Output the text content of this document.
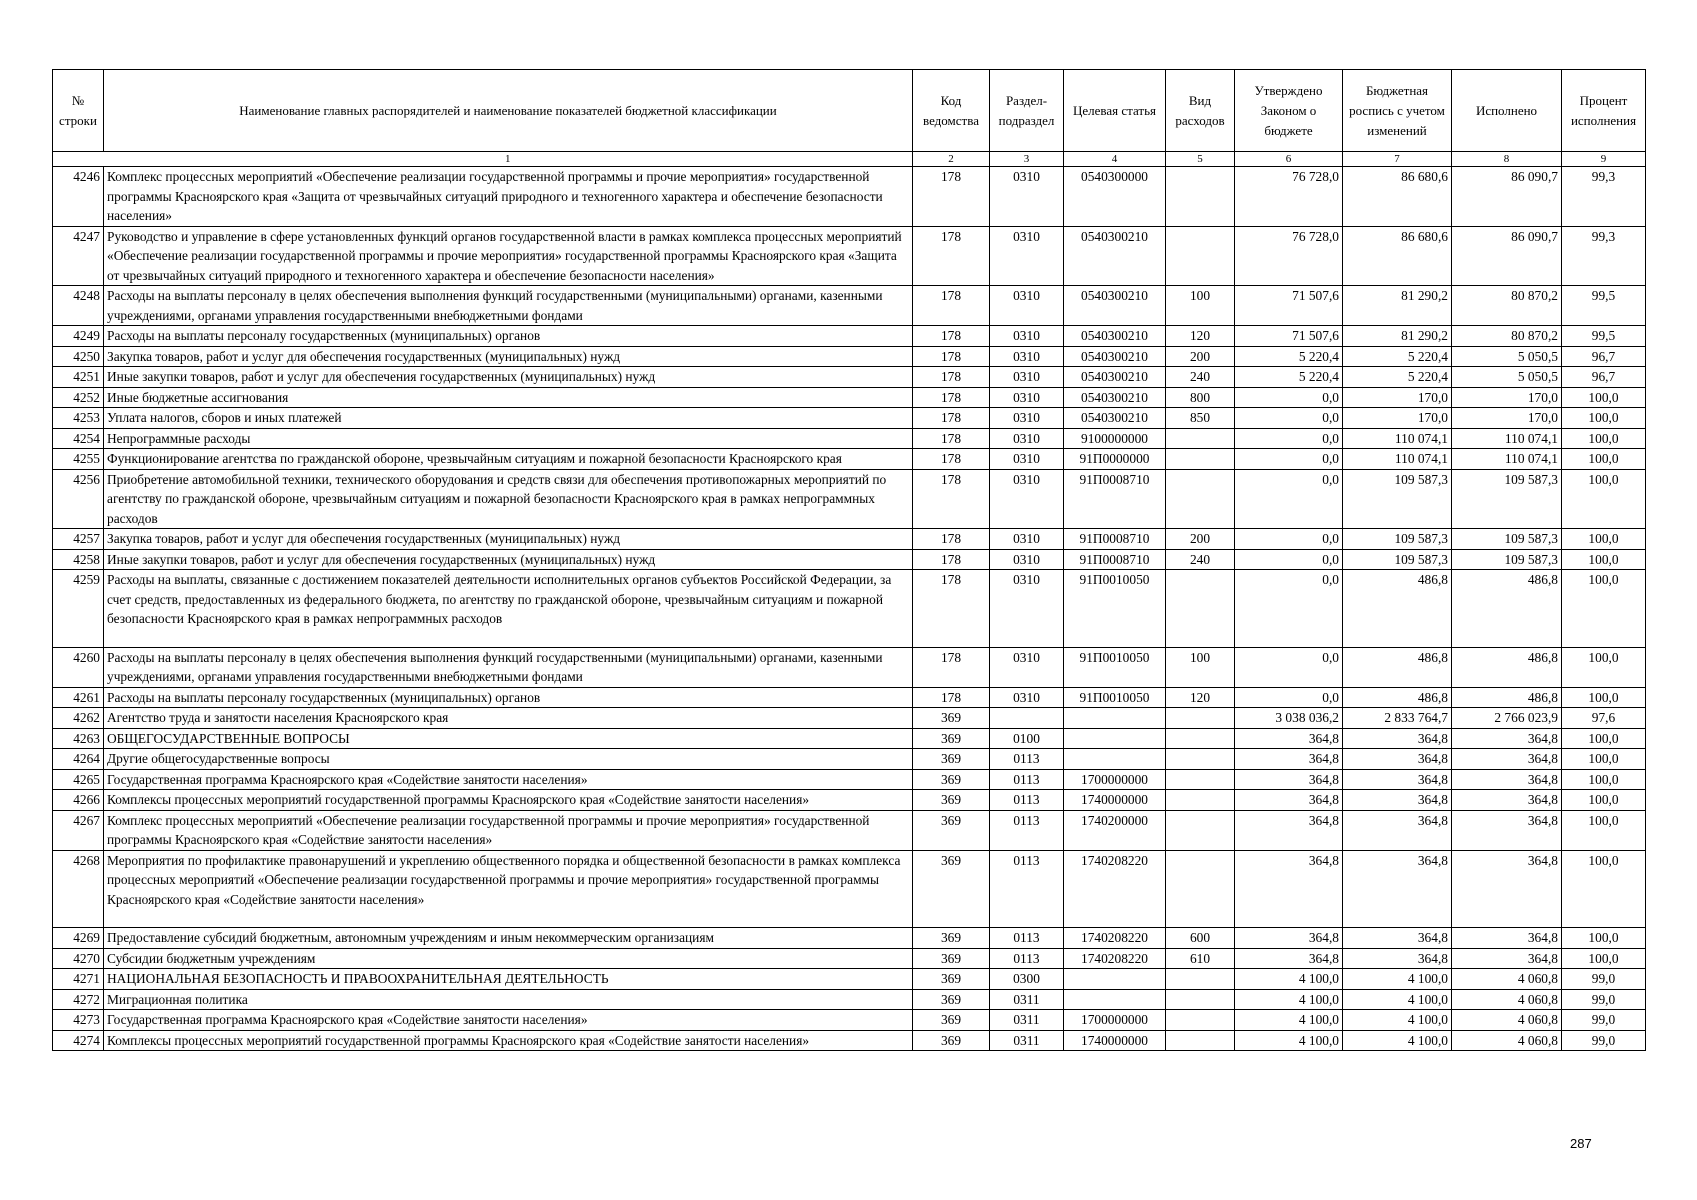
№ строки	Наименование главных распорядителей и наименование показателей бюджетной классификации	Код ведомства	Раздел-подраздел	Целевая статья	Вид расходов	Утверждено Законом о бюджете	Бюджетная роспись с учетом изменений	Исполнено	Процент исполнения
	1	2	3	4	5	6	7	8	9
4246	Комплекс процессных мероприятий «Обеспечение реализации государственной программы и прочие мероприятия» государственной программы Красноярского края «Защита от чрезвычайных ситуаций природного и техногенного характера и обеспечение безопасности населения»	178	0310	0540300000		76 728,0	86 680,6	86 090,7	99,3
4247	Руководство и управление в сфере установленных функций органов государственной власти в рамках комплекса процессных мероприятий «Обеспечение реализации государственной программы и прочие мероприятия» государственной программы Красноярского края «Защита от чрезвычайных ситуаций природного и техногенного характера и обеспечение безопасности населения»	178	0310	0540300210		76 728,0	86 680,6	86 090,7	99,3
4248	Расходы на выплаты персоналу в целях обеспечения выполнения функций государственными (муниципальными) органами, казенными учреждениями, органами управления государственными внебюджетными фондами	178	0310	0540300210	100	71 507,6	81 290,2	80 870,2	99,5
4249	Расходы на выплаты персоналу государственных (муниципальных) органов	178	0310	0540300210	120	71 507,6	81 290,2	80 870,2	99,5
4250	Закупка товаров, работ и услуг для обеспечения государственных (муниципальных) нужд	178	0310	0540300210	200	5 220,4	5 220,4	5 050,5	96,7
4251	Иные закупки товаров, работ и услуг для обеспечения государственных (муниципальных) нужд	178	0310	0540300210	240	5 220,4	5 220,4	5 050,5	96,7
4252	Иные бюджетные ассигнования	178	0310	0540300210	800	0,0	170,0	170,0	100,0
4253	Уплата налогов, сборов и иных платежей	178	0310	0540300210	850	0,0	170,0	170,0	100,0
4254	Непрограммные расходы	178	0310	9100000000		0,0	110 074,1	110 074,1	100,0
4255	Функционирование агентства по гражданской обороне, чрезвычайным ситуациям и пожарной безопасности Красноярского края	178	0310	91П0000000		0,0	110 074,1	110 074,1	100,0
4256	Приобретение автомобильной техники, технического оборудования и средств связи для обеспечения противопожарных мероприятий по агентству по гражданской обороне, чрезвычайным ситуациям и пожарной безопасности Красноярского края в рамках непрограммных расходов	178	0310	91П0008710		0,0	109 587,3	109 587,3	100,0
4257	Закупка товаров, работ и услуг для обеспечения государственных (муниципальных) нужд	178	0310	91П0008710	200	0,0	109 587,3	109 587,3	100,0
4258	Иные закупки товаров, работ и услуг для обеспечения государственных (муниципальных) нужд	178	0310	91П0008710	240	0,0	109 587,3	109 587,3	100,0
4259	Расходы на выплаты, связанные с достижением показателей деятельности исполнительных органов субъектов Российской Федерации, за счет средств, предоставленных из федерального бюджета, по агентству по гражданской обороне, чрезвычайным ситуациям и пожарной безопасности Красноярского края в рамках непрограммных расходов	178	0310	91П0010050		0,0	486,8	486,8	100,0
4260	Расходы на выплаты персоналу в целях обеспечения выполнения функций государственными (муниципальными) органами, казенными учреждениями, органами управления государственными внебюджетными фондами	178	0310	91П0010050	100	0,0	486,8	486,8	100,0
4261	Расходы на выплаты персоналу государственных (муниципальных) органов	178	0310	91П0010050	120	0,0	486,8	486,8	100,0
4262	Агентство труда и занятости населения Красноярского края	369				3 038 036,2	2 833 764,7	2 766 023,9	97,6
4263	ОБЩЕГОСУДАРСТВЕННЫЕ ВОПРОСЫ	369	0100			364,8	364,8	364,8	100,0
4264	Другие общегосударственные вопросы	369	0113			364,8	364,8	364,8	100,0
4265	Государственная программа Красноярского края «Содействие занятости населения»	369	0113	1700000000		364,8	364,8	364,8	100,0
4266	Комплексы процессных мероприятий государственной программы Красноярского края «Содействие занятости населения»	369	0113	1740000000		364,8	364,8	364,8	100,0
4267	Комплекс процессных мероприятий «Обеспечение реализации государственной программы и прочие мероприятия» государственной программы Красноярского края «Содействие занятости населения»	369	0113	1740200000		364,8	364,8	364,8	100,0
4268	Мероприятия по профилактике правонарушений и укреплению общественного порядка и общественной безопасности в рамках комплекса процессных мероприятий «Обеспечение реализации государственной программы и прочие мероприятия» государственной программы Красноярского края «Содействие занятости населения»	369	0113	1740208220		364,8	364,8	364,8	100,0
4269	Предоставление субсидий бюджетным, автономным учреждениям и иным некоммерческим организациям	369	0113	1740208220	600	364,8	364,8	364,8	100,0
4270	Субсидии бюджетным учреждениям	369	0113	1740208220	610	364,8	364,8	364,8	100,0
4271	НАЦИОНАЛЬНАЯ БЕЗОПАСНОСТЬ И ПРАВООХРАНИТЕЛЬНАЯ ДЕЯТЕЛЬНОСТЬ	369	0300			4 100,0	4 100,0	4 060,8	99,0
4272	Миграционная политика	369	0311			4 100,0	4 100,0	4 060,8	99,0
4273	Государственная программа Красноярского края «Содействие занятости населения»	369	0311	1700000000		4 100,0	4 100,0	4 060,8	99,0
4274	Комплексы процессных мероприятий государственной программы Красноярского края «Содействие занятости населения»	369	0311	1740000000		4 100,0	4 100,0	4 060,8	99,0
287
